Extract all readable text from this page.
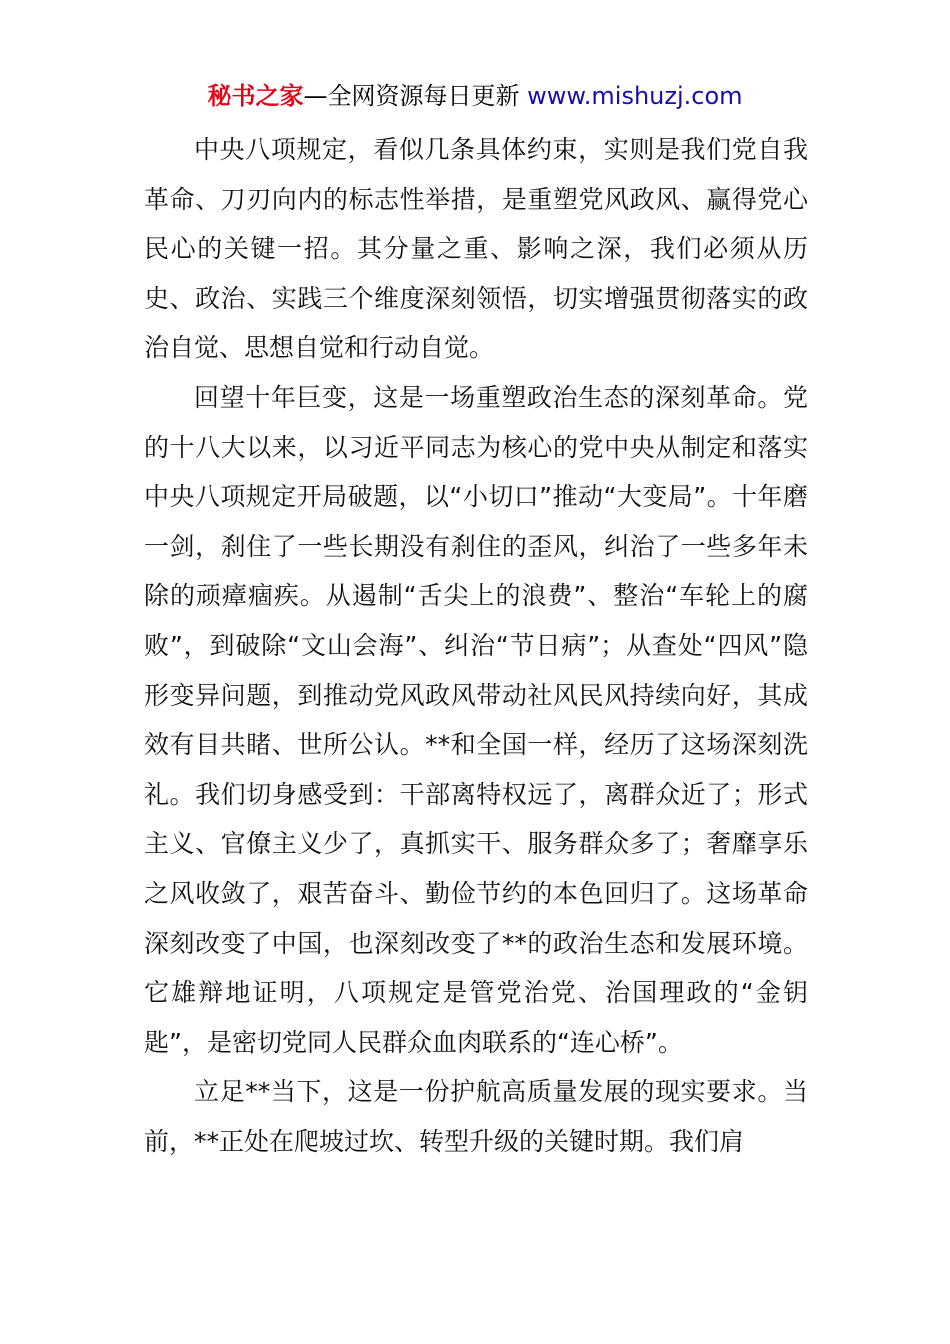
秘书之家—全网资源每日更新 www.mishuzj.com

中央八项规定，看似几条具体约束，实则是我们党自我革命、刀刃向内的标志性举措，是重塑党风政风、赢得党心民心的关键一招。其分量之重、影响之深，我们必须从历史、政治、实践三个维度深刻领悟，切实增强贯彻落实的政治自觉、思想自觉和行动自觉。

回望十年巨变，这是一场重塑政治生态的深刻革命。党的十八大以来，以习近平同志为核心的党中央从制定和落实中央八项规定开局破题，以“小切口”推动“大变局”。十年磨一剑，刹住了一些长期没有刹住的歪风，纠治了一些多年未除的顽瘴痼疾。从遏制“舌尖上的浪费”、整治“车轮上的腐败”，到破除“文山会海”、纠治“节日病”；从查处“四风”隐形变异问题，到推动党风政风带动社风民风持续向好，其成效有目共睹、世所公认。**和全国一样，经历了这场深刻洗礼。我们切身感受到：干部离特权远了，离群众近了；形式主义、官僚主义少了，真抓实干、服务群众多了；奢靡享乐之风收敛了，艰苦奋斗、勤俭节约的本色回归了。这场革命深刻改变了中国，也深刻改变了**的政治生态和发展环境。它雄辩地证明，八项规定是管党治党、治国理政的“金钥匙”，是密切党同人民群众血肉联系的“连心桥”。

立足**当下，这是一份护航高质量发展的现实要求。当前，**正处在爬坡过坎、转型升级的关键时期。我们肩
